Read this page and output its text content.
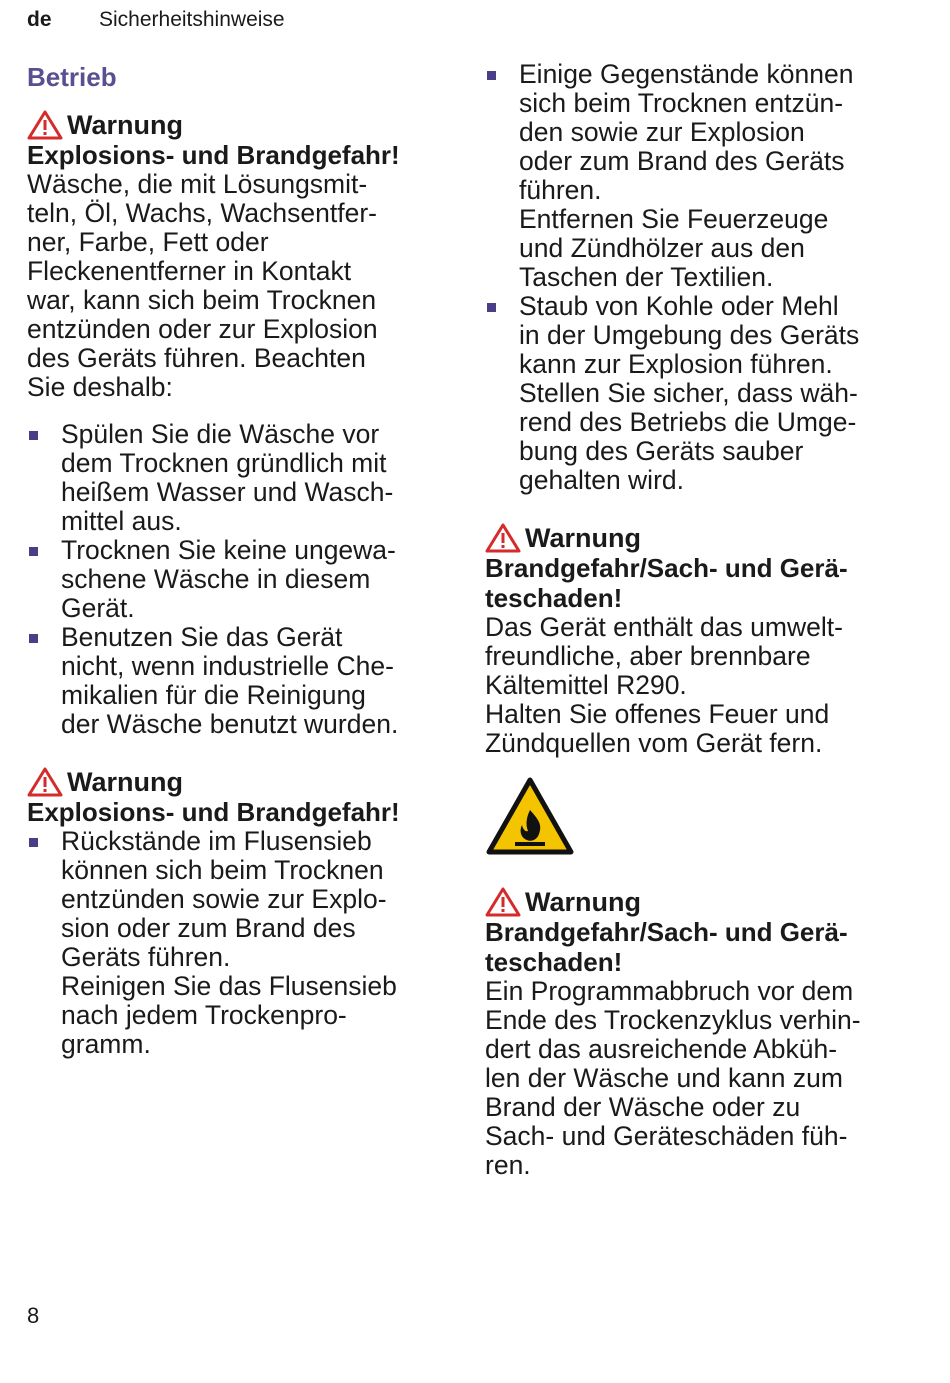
de Sicherheitshinweise
Betrieb
Warnung
Explosions- und Brandgefahr!

Wäsche, die mit Lösungsmit-
teln, Öl, Wachs, Wachsentfer-
ner, Farbe, Fett oder
Fleckenentferner in Kontakt
war, kann sich beim Trocknen
entzünden oder zur Explosion
des Geräts führen. Beachten
Sie deshalb:

Spülen Sie die Wäsche vor
dem Trocknen gründlich mit
heißem Wasser und Wasch-
mittel aus.
Trocknen Sie keine ungewa-
schene Wäsche in diesem
Gerät.
Benutzen Sie das Gerät
nicht, wenn industrielle Che-
mikalien für die Reinigung
der Wäsche benutzt wurden.
Warnung
Explosions- und Brandgefahr!
Rückstände im Flusensieb
können sich beim Trocknen
entzünden sowie zur Explo-
sion oder zum Brand des
Geräts führen.
Reinigen Sie das Flusensieb
nach jedem Trockenpro-
gramm.
Einige Gegenstände können
sich beim Trocknen entzün-
den sowie zur Explosion
oder zum Brand des Geräts
führen.
Entfernen Sie Feuerzeuge
und Zündhölzer aus den
Taschen der Textilien.
Staub von Kohle oder Mehl
in der Umgebung des Geräts
kann zur Explosion führen.
Stellen Sie sicher, dass wäh-
rend des Betriebs die Umge-
bung des Geräts sauber
gehalten wird.
Warnung
Brandgefahr/Sach- und Gerä-
teschaden!

Das Gerät enthält das umwelt-
freundliche, aber brennbare
Kältemittel R290.
Halten Sie offenes Feuer und
Zündquellen vom Gerät fern.

Warnung
Brandgefahr/Sach- und Gerä-
teschaden!

Ein Programmabbruch vor dem
Ende des Trockenzyklus verhin-
dert das ausreichende Abküh-
len der Wäsche und kann zum
Brand der Wäsche oder zu
Sach- und Geräteschäden füh-
ren.

8
